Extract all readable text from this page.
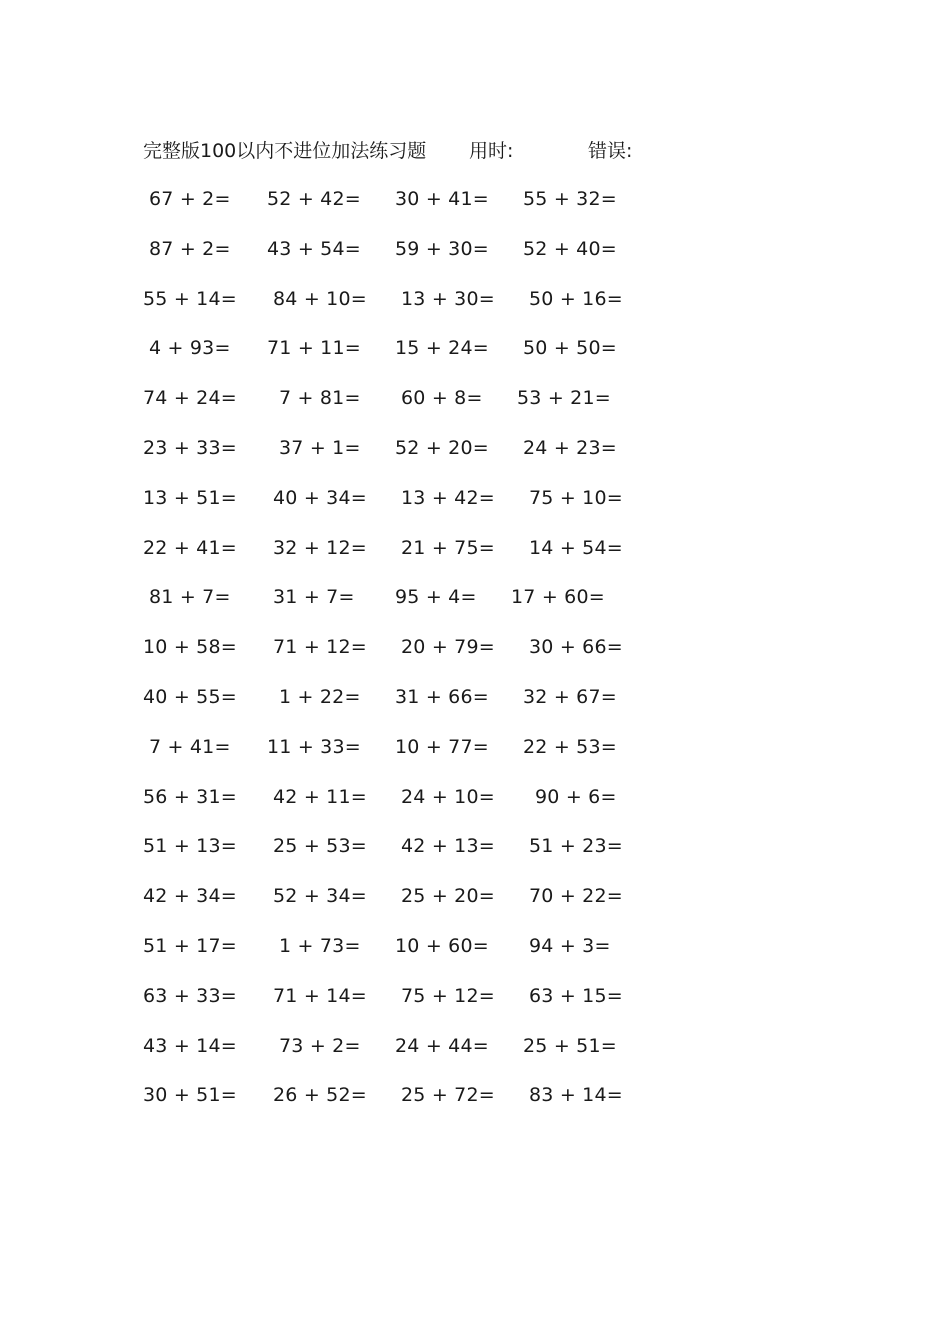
完整版100以内不进位加法练习题 用时:	错误:
67 + 2= 52 + 42= 30 + 41= 55 + 32=
87 + 2= 43 + 54= 59 + 30= 52 + 40=
55 + 14= 84 + 10= 13 + 30= 50 + 16=
4 + 93= 71 + 11= 15 + 24= 50 + 50=
74 + 24= 7 + 81= 60 + 8= 53 + 21=
23 + 33= 37 + 1= 52 + 20= 24 + 23=
13 + 51= 40 + 34= 13 + 42= 75 + 10=
22 + 41= 32 + 12= 21 + 75= 14 + 54=
81 + 7= 31 + 7= 95 + 4= 17 + 60=
10 + 58= 71 + 12= 20 + 79= 30 + 66=
40 + 55= 1 + 22= 31 + 66= 32 + 67=
7 + 41= 11 + 33= 10 + 77= 22 + 53=
56 + 31= 42 + 11= 24 + 10= 90 + 6=
51 + 13= 25 + 53= 42 + 13= 51 + 23=
42 + 34= 52 + 34= 25 + 20= 70 + 22=
51 + 17= 1 + 73= 10 + 60= 94 + 3=
63 + 33= 71 + 14= 75 + 12= 63 + 15=
43 + 14= 73 + 2= 24 + 44= 25 + 51=
30 + 51= 26 + 52= 25 + 72= 83 + 14=
